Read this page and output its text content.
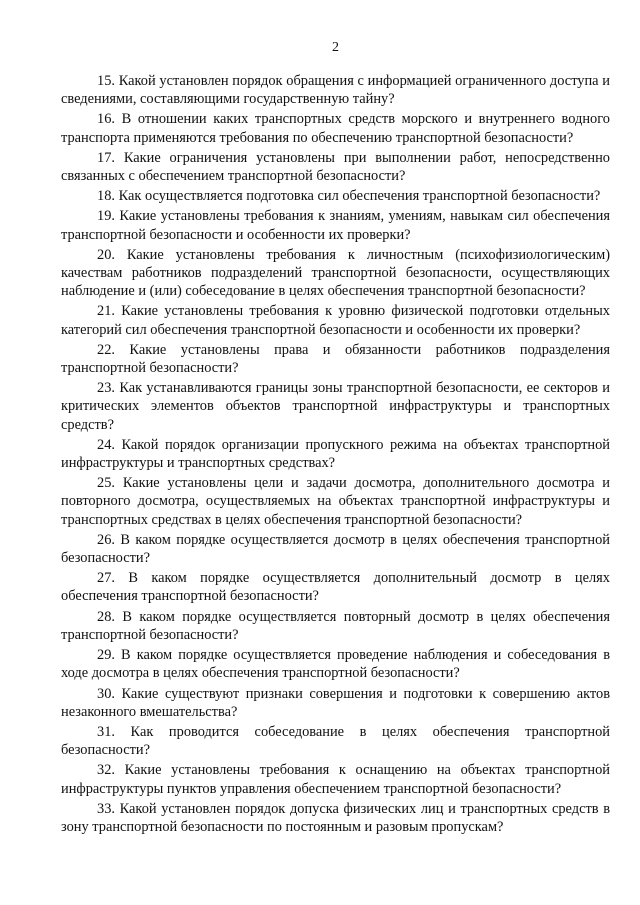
2

15. Какой установлен порядок обращения с информацией ограниченного доступа и сведениями, составляющими государственную тайну?

16. В отношении каких транспортных средств морского и внутреннего водного транспорта применяются требования по обеспечению транспортной безопасности?

17. Какие ограничения установлены при выполнении работ, непосредственно связанных с обеспечением транспортной безопасности?

18. Как осуществляется подготовка сил обеспечения транспортной безопасности?

19. Какие установлены требования к знаниям, умениям, навыкам сил обеспечения транспортной безопасности и особенности их проверки?

20. Какие установлены требования к личностным (психофизиологическим) качествам работников подразделений транспортной безопасности, осуществляющих наблюдение и (или) собеседование в целях обеспечения транспортной безопасности?

21. Какие установлены требования к уровню физической подготовки отдельных категорий сил обеспечения транспортной безопасности и особенности их проверки?

22. Какие установлены права и обязанности работников подразделения транспортной безопасности?

23. Как устанавливаются границы зоны транспортной безопасности, ее секторов и критических элементов объектов транспортной инфраструктуры и транспортных средств?

24. Какой порядок организации пропускного режима на объектах транспортной инфраструктуры и транспортных средствах?

25. Какие установлены цели и задачи досмотра, дополнительного досмотра и повторного досмотра, осуществляемых на объектах транспортной инфраструктуры и транспортных средствах в целях обеспечения транспортной безопасности?

26. В каком порядке осуществляется досмотр в целях обеспечения транспортной безопасности?

27. В каком порядке осуществляется дополнительный досмотр в целях обеспечения транспортной безопасности?

28. В каком порядке осуществляется повторный досмотр в целях обеспечения транспортной безопасности?

29. В каком порядке осуществляется проведение наблюдения и собеседования в ходе досмотра в целях обеспечения транспортной безопасности?

30. Какие существуют признаки совершения и подготовки к совершению актов незаконного вмешательства?

31. Как проводится собеседование в целях обеспечения транспортной безопасности?

32. Какие установлены требования к оснащению на объектах транспортной инфраструктуры пунктов управления обеспечением транспортной безопасности?

33. Какой установлен порядок допуска физических лиц и транспортных средств в зону транспортной безопасности по постоянным и разовым пропускам?
